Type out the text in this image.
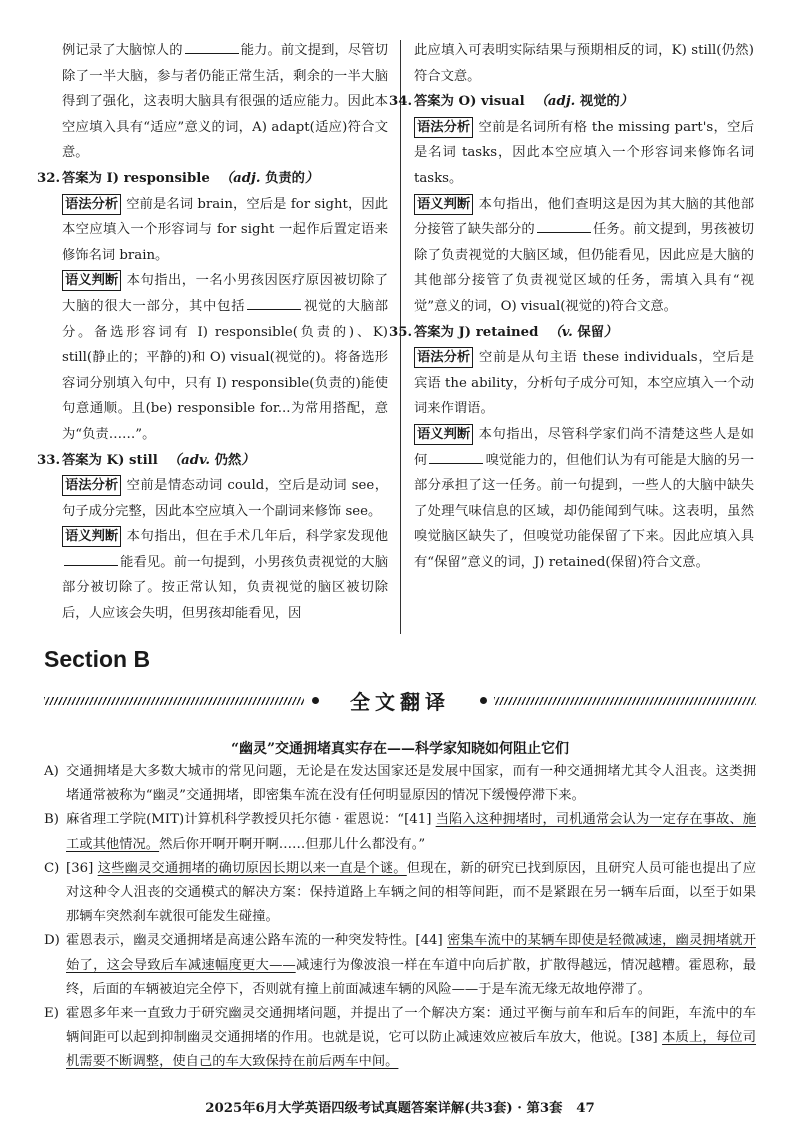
例记录了大脑惊人的	能力。前文提到，尽管切除了一半大脑，参与者仍能正常生活，剩余的一半大脑得到了强化，这表明大脑具有很强的适应能力。因此本空应填入具有“适应”意义的词，A) adapt(适应)符合文意。

32. 答案为 I) responsible （adj. 负责的）

语法分析 空前是名词 brain，空后是 for sight，因此本空应填入一个形容词与 for sight 一起作后置定语来修饰名词 brain。

语义判断 本句指出，一名小男孩因医疗原因被切除了大脑的很大一部分，其中包括	视觉的大脑部分。备选形容词有 I) responsible(负责的)、K) still(静止的；平静的)和 O) visual(视觉的)。将备选形容词分别填入句中，只有 I) responsible(负责的)能使句意通顺。且(be) responsible for...为常用搭配，意为“负责……”。

33. 答案为 K) still （adv. 仍然）

语法分析 空前是情态动词 could，空后是动词 see，句子成分完整，因此本空应填入一个副词来修饰 see。

语义判断 本句指出，但在手术几年后，科学家发现他能看见。前一句提到，小男孩负责视觉的大脑部分被切除了。按正常认知，负责视觉的脑区被切除后，人应该会失明，但男孩却能看见，因

此应填入可表明实际结果与预期相反的词，K) still(仍然)符合文意。

34. 答案为 O) visual （adj. 视觉的）

语法分析 空前是名词所有格 the missing part's，空后是名词 tasks，因此本空应填入一个形容词来修饰名词 tasks。

语义判断 本句指出，他们查明这是因为其大脑的其他部分接管了缺失部分的	任务。前文提到，男孩被切除了负责视觉的大脑区域，但仍能看见，因此应是大脑的其他部分接管了负责视觉区域的任务，需填入具有“视觉”意义的词，O) visual(视觉的)符合文意。

35. 答案为 J) retained （v. 保留）

语法分析 空前是从句主语 these individuals，空后是宾语 the ability，分析句子成分可知，本空应填入一个动词来作谓语。

语义判断 本句指出，尽管科学家们尚不清楚这些人是如何	嗅觉能力的，但他们认为有可能是大脑的另一部分承担了这一任务。前一句提到，一些人的大脑中缺失了处理气味信息的区域，却仍能闻到气味。这表明，虽然嗅觉脑区缺失了，但嗅觉功能保留了下来。因此应填入具有“保留”意义的词，J) retained(保留)符合文意。

Section B
全文翻译
“幽灵”交通拥堵真实存在——科学家知晓如何阻止它们

A) 交通拥堵是大多数大城市的常见问题，无论是在发达国家还是发展中国家，而有一种交通拥堵尤其令人沮丧。这类拥堵通常被称为“幽灵”交通拥堵，即密集车流在没有任何明显原因的情况下缓慢停滞下来。

B) 麻省理工学院(MIT)计算机科学教授贝托尔德 · 霍恩说：“[41] 当陷入这种拥堵时，司机通常会认为一定存在事故、施工或其他情况。然后你开啊开啊开啊……但那儿什么都没有。”

C) [36] 这些幽灵交通拥堵的确切原因长期以来一直是个谜。但现在，新的研究已找到原因，且研究人员可能也提出了应对这种令人沮丧的交通模式的解决方案：保持道路上车辆之间的相等间距，而不是紧跟在另一辆车后面，以至于如果那辆车突然刹车就很可能发生碰撞。

D) 霍恩表示，幽灵交通拥堵是高速公路车流的一种突发特性。[44] 密集车流中的某辆车即使是轻微减速，幽灵拥堵就开始了，这会导致后车减速幅度更大——减速行为像波浪一样在车道中向后扩散，扩散得越远，情况越糟。霍恩称，最终，后面的车辆被迫完全停下，否则就有撞上前面减速车辆的风险——于是车流无缘无故地停滞了。

E) 霍恩多年来一直致力于研究幽灵交通拥堵问题，并提出了一个解决方案：通过平衡与前车和后车的间距，车流中的车辆间距可以起到抑制幽灵交通拥堵的作用。也就是说，它可以防止减速效应被后车放大，他说。[38] 本质上，每位司机需要不断调整，使自己的车大致保持在前后两车中间。

2025年6月大学英语四级考试真题答案详解(共3套) · 第3套 47
